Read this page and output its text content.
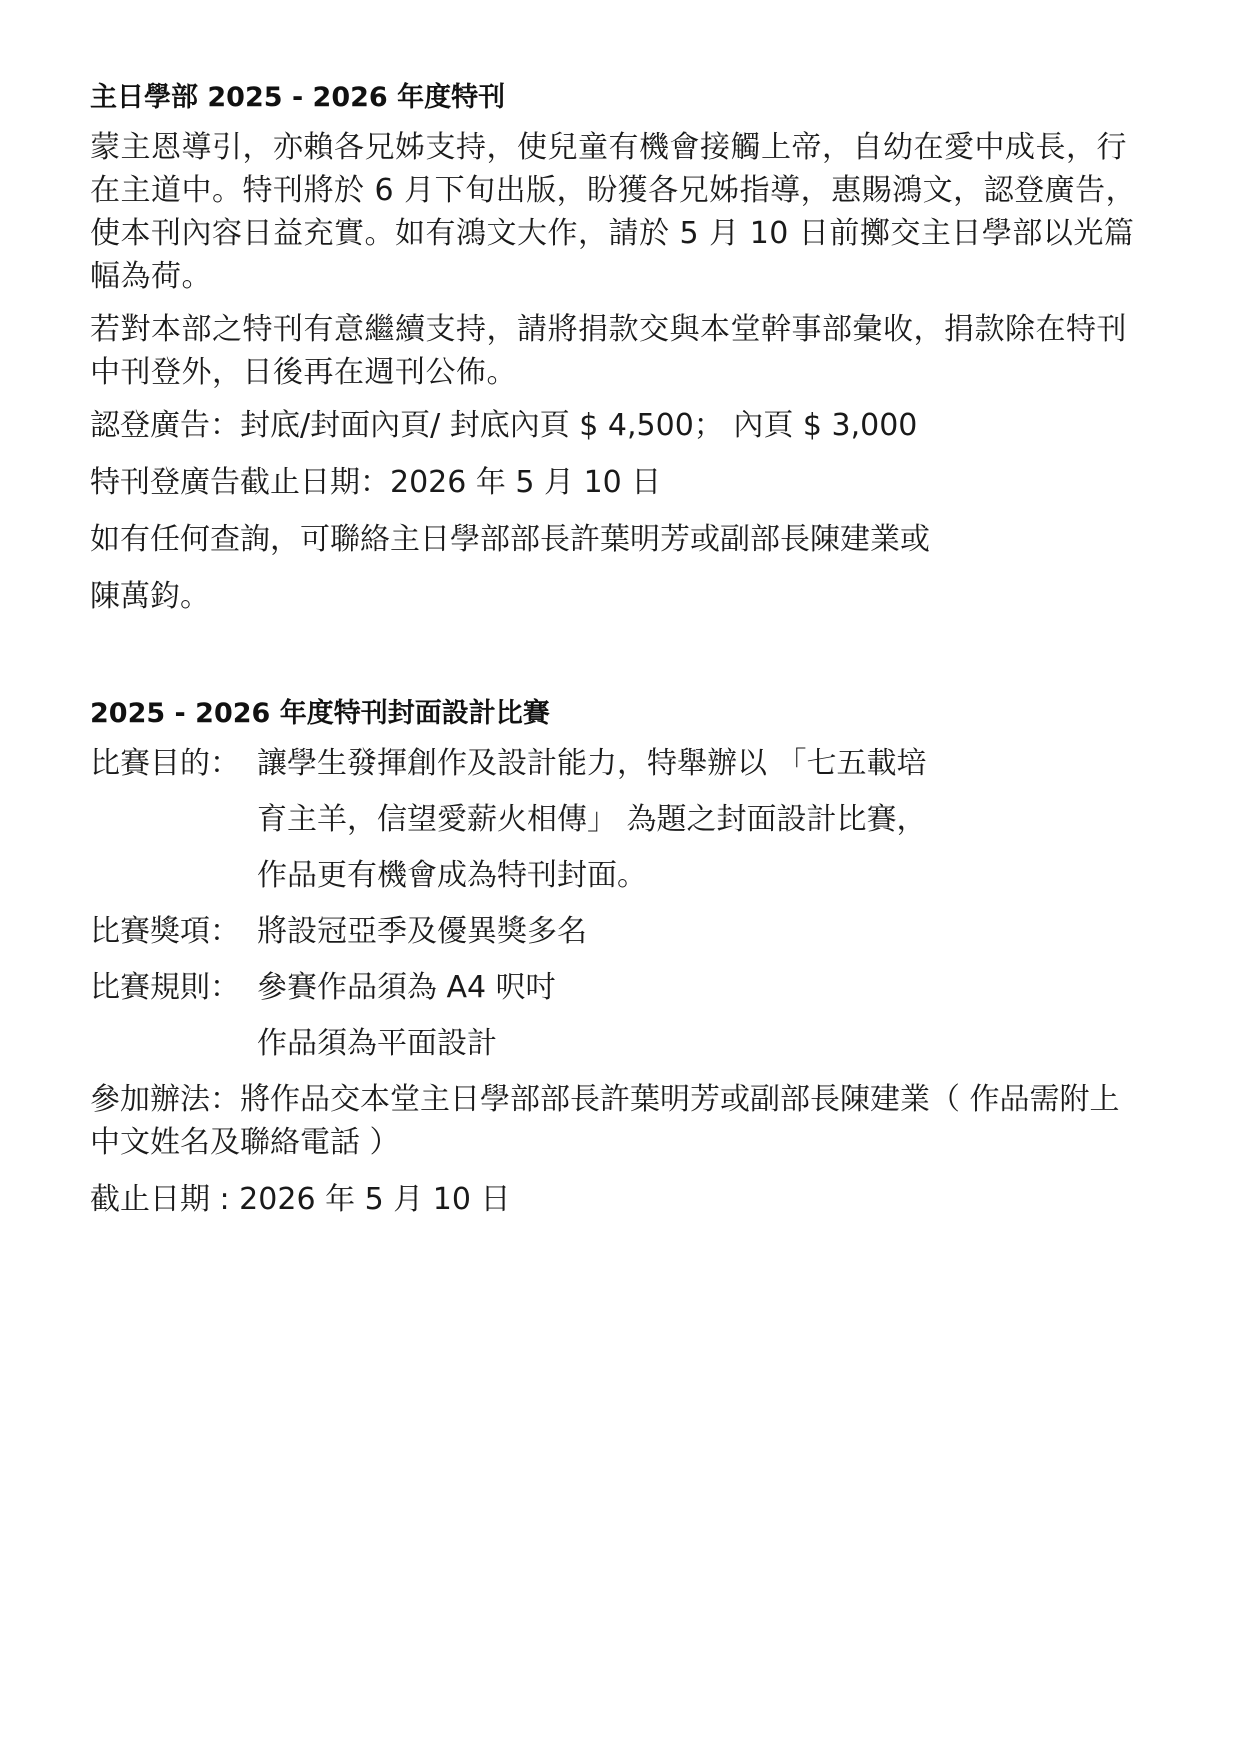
主日學部 2025 - 2026 年度特刊
蒙主恩導引，亦賴各兄姊支持，使兒童有機會接觸上帝，自幼在愛中成長，行在主道中。特刊將於 6 月下旬出版，盼獲各兄姊指導，惠賜鴻文，認登廣告，使本刊內容日益充實。如有鴻文大作，請於 5 月 10 日前擲交主日學部以光篇幅為荷。
若對本部之特刊有意繼續支持，請將捐款交與本堂幹事部彙收，捐款除在特刊中刊登外，日後再在週刊公佈。
認登廣告：封底/封面內頁/ 封底內頁 $ 4,500； 內頁 $ 3,000
特刊登廣告截止日期：2026 年 5 月 10 日
如有任何查詢，可聯絡主日學部部長許葉明芳或副部長陳建業或
陳萬鈞。
2025 - 2026 年度特刊封面設計比賽
比賽目的： 讓學生發揮創作及設計能力，特舉辦以 「七五載培
育主羊，信望愛薪火相傳」 為題之封面設計比賽，
作品更有機會成為特刊封面。
比賽獎項： 將設冠亞季及優異獎多名
比賽規則： 參賽作品須為 A4 呎吋
作品須為平面設計
參加辦法：將作品交本堂主日學部部長許葉明芳或副部長陳建業（ 作品需附上中文姓名及聯絡電話 ）
截止日期 : 2026 年 5 月 10 日
